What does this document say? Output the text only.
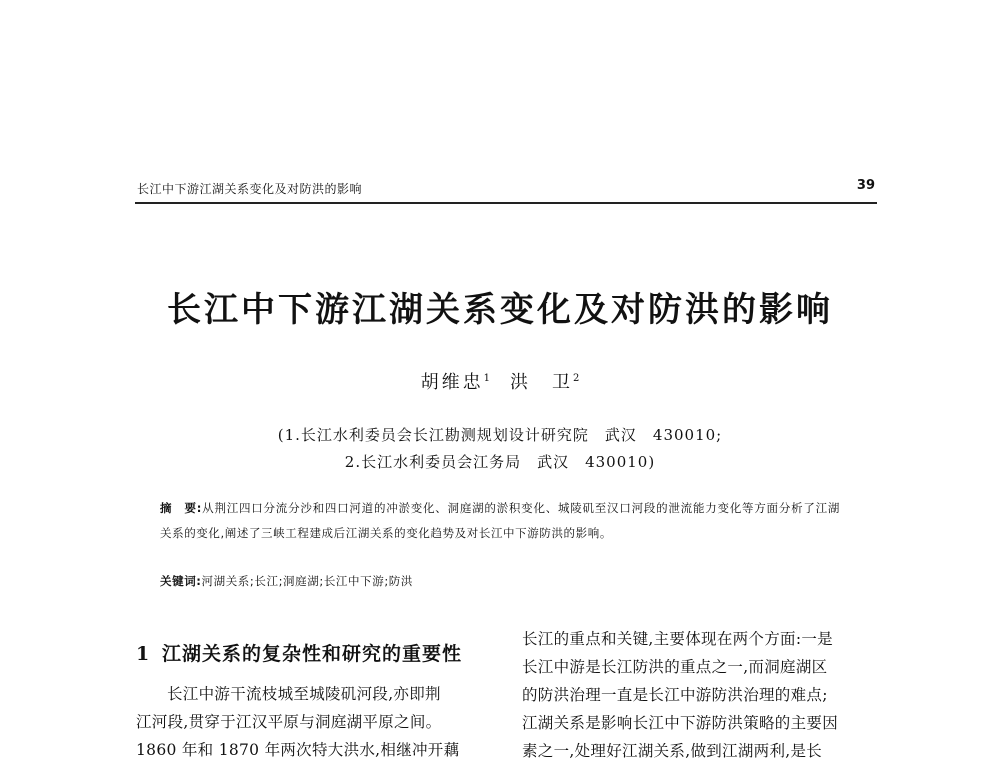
长江中下游江湖关系变化及对防洪的影响	39
长江中下游江湖关系变化及对防洪的影响
胡维忠$^1$ 洪　卫$^2$
(1.长江水利委员会长江勘测规划设计研究院　武汉　430010;
2.长江水利委员会江务局　武汉　430010)
摘　要:从荆江四口分流分沙和四口河道的冲淤变化、洞庭湖的淤积变化、城陵矶至汉口河段的泄流能力变化等方面分析了江湖关系的变化,阐述了三峡工程建成后江湖关系的变化趋势及对长江中下游防洪的影响。
关键词:河湖关系;长江;洞庭湖;长江中下游;防洪
1 江湖关系的复杂性和研究的重要性
长江中游干流枝城至城陵矶河段,亦即荆
江河段,贯穿于江汉平原与洞庭湖平原之间。
1860 年和 1870 年两次特大洪水,相继冲开藕
长江的重点和关键,主要体现在两个方面:一是
长江中游是长江防洪的重点之一,而洞庭湖区
的防洪治理一直是长江中游防洪治理的难点;
江湖关系是影响长江中下游防洪策略的主要因
素之一,处理好江湖关系,做到江湖两利,是长
